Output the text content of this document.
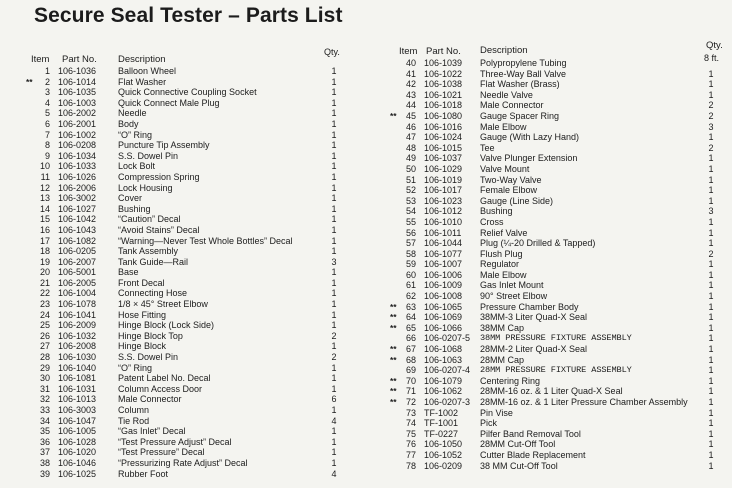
Secure Seal Tester – Parts List
Item Part No. Description
Qty.
1 106-1036 Balloon Wheel	1
**	2 106-1014 Flat Washer	1
3 106-1035 Quick Connective Coupling Socket	1
4 106-1003 Quick Connect Male Plug	1
5 106-2002 Needle	1
6 106-2001 Body	1
7 106-1002 “O” Ring	1
8 106-0208 Puncture Tip Assembly	1
9 106-1034 S.S. Dowel Pin	1
10 106-1033 Lock Bolt	1
11 106-1026 Compression Spring	1
12 106-2006 Lock Housing	1
13 106-3002 Cover	1
14 106-1027 Bushing	1
15 106-1042 “Caution” Decal	1
16 106-1043 “Avoid Stains” Decal	1
17 106-1082 “Warning—Never Test Whole Bottles” Decal	1
18 106-0205 Tank Assembly	1
19 106-2007 Tank Guide—Rail	3
20 106-5001 Base	1
21 106-2005 Front Decal	1
22 106-1004 Connecting Hose	1
23 106-1078 1/8 × 45° Street Elbow	1
24 106-1041 Hose Fitting	1
25 106-2009 Hinge Block (Lock Side)	1
26 106-1032 Hinge Block Top	2
27 106-2008 Hinge Block	1
28 106-1030 S.S. Dowel Pin	2
29 106-1040 “O” Ring	1
30 106-1081 Patent Label No. Decal	1
31 106-1031 Column Access Door	1
32 106-1013 Male Connector	6
33 106-3003 Column	1
34 106-1047 Tie Rod	4
35 106-1005 “Gas Inlet” Decal	1
36 106-1028 “Test Pressure Adjust” Decal	1
37 106-1020 “Test Pressure” Decal	1
38 106-1046 “Pressurizing Rate Adjust” Decal	1
39 106-1025 Rubber Foot	4
Item Part No. Description	Qty.
8 ft.
40 106-1039 Polypropylene Tubing
41 106-1022 Three-Way Ball Valve	1
42 106-1038 Flat Washer (Brass)	1
43 106-1021 Needle Valve	1
44 106-1018 Male Connector	2
**	45 106-1080 Gauge Spacer Ring	2
46 106-1016 Male Elbow	3
47 106-1024 Gauge (With Lazy Hand)	1
48 106-1015 Tee	2
49 106-1037 Valve Plunger Extension	1
50 106-1029 Valve Mount	1
51 106-1019 Two-Way Valve	1
52 106-1017 Female Elbow	1
53 106-1023 Gauge (Line Side)	1
54 106-1012 Bushing	3
55 106-1010 Cross	1
56 106-1011 Relief Valve	1
57 106-1044 Plug (¼-20 Drilled & Tapped)	1
58 106-1077 Flush Plug	2
59 106-1007 Regulator	1
60 106-1006 Male Elbow	1
61 106-1009 Gas Inlet Mount	1
62 106-1008 90° Street Elbow	1
**	63 106-1065 Pressure Chamber Body	1
**	64 106-1069 38MM-3 Liter Quad-X Seal	1
**	65 106-1066 38MM Cap	1
66 106-0207-5 38MM PRESSURE FIXTURE ASSEMBLY	1
**	67 106-1068 28MM-2 Liter Quad-X Seal	1
**	68 106-1063 28MM Cap	1
69 106-0207-4 28MM PRESSURE FIXTURE ASSEMBLY	1
**	70 106-1079 Centering Ring	1
**	71 106-1062 28MM-16 oz. & 1 Liter Quad-X Seal	1
**	72 106-0207-3 28MM-16 oz. & 1 Liter Pressure Chamber Assembly	1
73 TF-1002 Pin Vise	1
74 TF-1001 Pick	1
75 TF-0227 Pilfer Band Removal Tool	1
76 106-1050 28MM Cut-Off Tool	1
77 106-1052 Cutter Blade Replacement	1
78 106-0209 38 MM Cut-Off Tool	1
